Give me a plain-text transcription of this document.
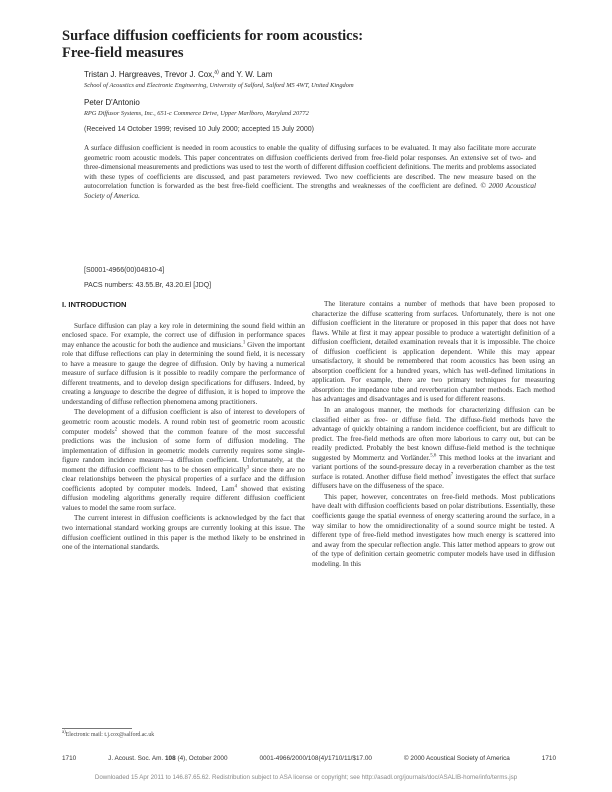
Surface diffusion coefficients for room acoustics:
Free-field measures
Tristan J. Hargreaves, Trevor J. Cox,$^{a)}$ and Y. W. Lam
School of Acoustics and Electronic Engineering, University of Salford, Salford M5 4WT, United Kingdom
Peter D'Antonio
RPG Diffusor Systems, Inc., 651-c Commerce Drive, Upper Marlboro, Maryland 20772
(Received 14 October 1999; revised 10 July 2000; accepted 15 July 2000)
A surface diffusion coefficient is needed in room acoustics to enable the quality of diffusing surfaces to be evaluated. It may also facilitate more accurate geometric room acoustic models. This paper concentrates on diffusion coefficients derived from free-field polar responses. An extensive set of two- and three-dimensional measurements and predictions was used to test the worth of different diffusion coefficient definitions. The merits and problems associated with these types of coefficients are discussed, and past parameters reviewed. Two new coefficients are described. The new measure based on the autocorrelation function is forwarded as the best free-field coefficient. The strengths and weaknesses of the coefficient are defined. © 2000 Acoustical Society of America.
[S0001-4966(00)04810-4]
PACS numbers: 43.55.Br, 43.20.El [JDQ]
I. INTRODUCTION

Surface diffusion can play a key role in determining the sound field within an enclosed space. For example, the correct use of diffusion in performance spaces may enhance the acoustic for both the audience and musicians.$^1$ Given the important role that diffuse reflections can play in determining the sound field, it is necessary to have a measure to gauge the degree of diffusion. Only by having a numerical measure of surface diffusion is it possible to readily compare the performance of different treatments, and to develop design specifications for diffusers. Indeed, by creating a language to describe the degree of diffusion, it is hoped to improve the understanding of diffuse reflection phenomena among practitioners.

The development of a diffusion coefficient is also of interest to developers of geometric room acoustic models. A round robin test of geometric room acoustic computer models$^2$ showed that the common feature of the most successful predictions was the inclusion of some form of diffusion modeling. The implementation of diffusion in geometric models currently requires some single-figure random incidence measure—a diffusion coefficient. Unfortunately, at the moment the diffusion coefficient has to be chosen empirically$^3$ since there are no clear relationships between the physical properties of a surface and the diffusion coefficients adopted by computer models. Indeed, Lam$^4$ showed that existing diffusion modeling algorithms generally require different diffusion coefficient values to model the same room surface.

The current interest in diffusion coefficients is acknowledged by the fact that two international standard working groups are currently looking at this issue. The diffusion coefficient outlined in this paper is the method likely to be enshrined in one of the international standards.

The literature contains a number of methods that have been proposed to characterize the diffuse scattering from surfaces. Unfortunately, there is not one diffusion coefficient in the literature or proposed in this paper that does not have flaws. While at first it may appear possible to produce a watertight definition of a diffusion coefficient, detailed examination reveals that it is impossible. The choice of diffusion coefficient is application dependent. While this may appear unsatisfactory, it should be remembered that room acoustics has been using an absorption coefficient for a hundred years, which has well-defined limitations in application. For example, there are two primary techniques for measuring absorption: the impedance tube and reverberation chamber methods. Each method has advantages and disadvantages and is used for different reasons.

In an analogous manner, the methods for characterizing diffusion can be classified either as free- or diffuse field. The diffuse-field methods have the advantage of quickly obtaining a random incidence coefficient, but are difficult to predict. The free-field methods are often more laborious to carry out, but can be readily predicted. Probably the best known diffuse-field method is the technique suggested by Mommertz and Vorländer.$^{5,6}$ This method looks at the invariant and variant portions of the sound-pressure decay in a reverberation chamber as the test surface is rotated. Another diffuse field method$^7$ investigates the effect that surface diffusers have on the diffuseness of the space.

This paper, however, concentrates on free-field methods. Most publications have dealt with diffusion coefficients based on polar distributions. Essentially, these coefficients gauge the spatial evenness of energy scattering around the surface, in a way similar to how the omnidirectionality of a sound source might be tested. A different type of free-field method investigates how much energy is scattered into and away from the specular reflection angle. This latter method appears to grow out of the type of definition certain geometric computer models have used in diffusion modeling. In this

$^{a)}$Electronic mail: t.j.cox@salford.ac.uk
1710	J. Acoust. Soc. Am. 108 (4), October 2000	0001-4966/2000/108(4)/1710/11/$17.00	© 2000 Acoustical Society of America	1710
Downloaded 15 Apr 2011 to 146.87.65.62. Redistribution subject to ASA license or copyright; see http://asadl.org/journals/doc/ASALIB-home/info/terms.jsp
